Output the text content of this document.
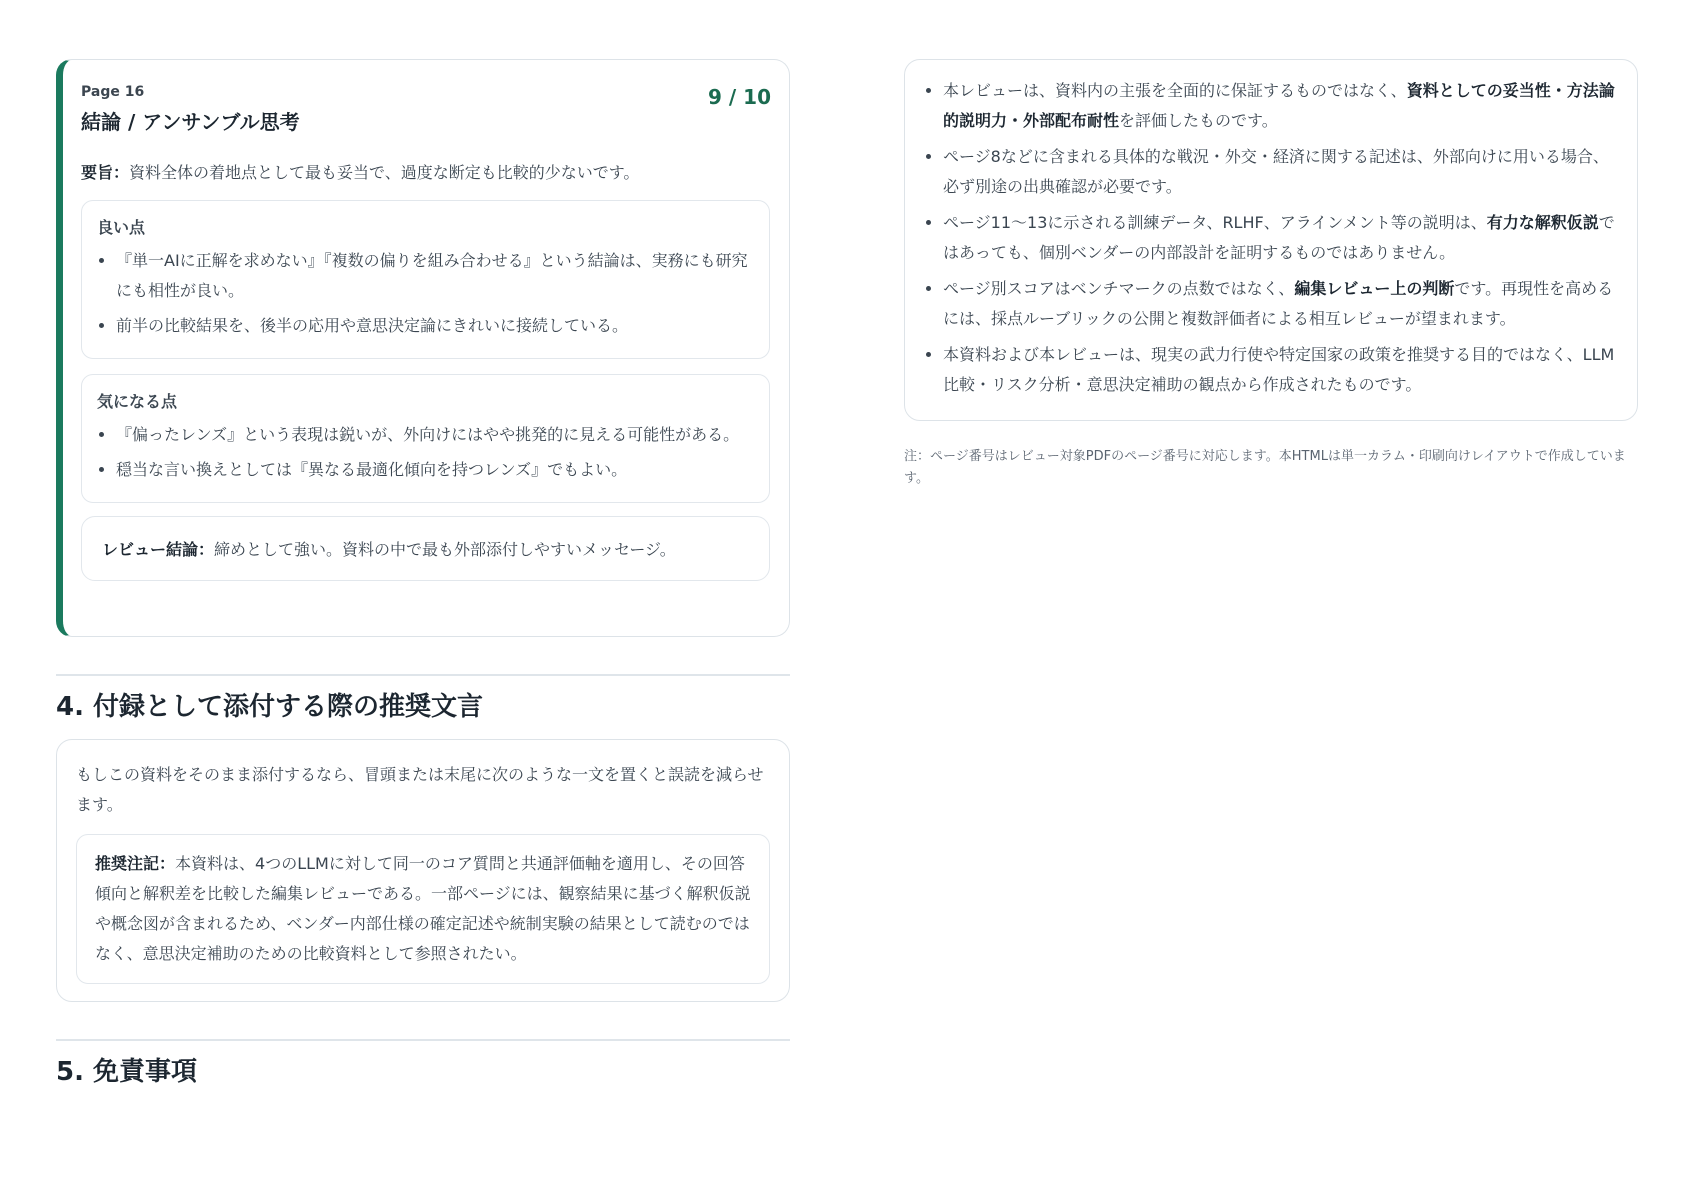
Page 16
結論 / アンサンブル思考
9 / 10
要旨：資料全体の着地点として最も妥当で、過度な断定も比較的少ないです。
良い点
• 『単一AIに正解を求めない』『複数の偏りを組み合わせる』という結論は、実務にも研究にも相性が良い。
• 前半の比較結果を、後半の応用や意思決定論にきれいに接続している。
気になる点
• 『偏ったレンズ』という表現は鋭いが、外向けにはやや挑発的に見える可能性がある。
• 穏当な言い換えとしては『異なる最適化傾向を持つレンズ』でもよい。
レビュー結論：締めとして強い。資料の中で最も外部添付しやすいメッセージ。
4. 付録として添付する際の推奨文言
もしこの資料をそのまま添付するなら、冒頭または末尾に次のような一文を置くと誤読を減らせます。
推奨注記：本資料は、4つのLLMに対して同一のコア質問と共通評価軸を適用し、その回答傾向と解釈差を比較した編集レビューである。一部ページには、観察結果に基づく解釈仮説や概念図が含まれるため、ベンダー内部仕様の確定記述や統制実験の結果として読むのではなく、意思決定補助のための比較資料として参照されたい。
5. 免責事項
• 本レビューは、資料内の主張を全面的に保証するものではなく、資料としての妥当性・方法論的説明力・外部配布耐性を評価したものです。
• ページ8などに含まれる具体的な戦況・外交・経済に関する記述は、外部向けに用いる場合、必ず別途の出典確認が必要です。
• ページ11〜13に示される訓練データ、RLHF、アラインメント等の説明は、有力な解釈仮説ではあっても、個別ベンダーの内部設計を証明するものではありません。
• ページ別スコアはベンチマークの点数ではなく、編集レビュー上の判断です。再現性を高めるには、採点ルーブリックの公開と複数評価者による相互レビューが望まれます。
• 本資料および本レビューは、現実の武力行使や特定国家の政策を推奨する目的ではなく、LLM比較・リスク分析・意思決定補助の観点から作成されたものです。
注：ページ番号はレビュー対象PDFのページ番号に対応します。本HTMLは単一カラム・印刷向けレイアウトで作成しています。
